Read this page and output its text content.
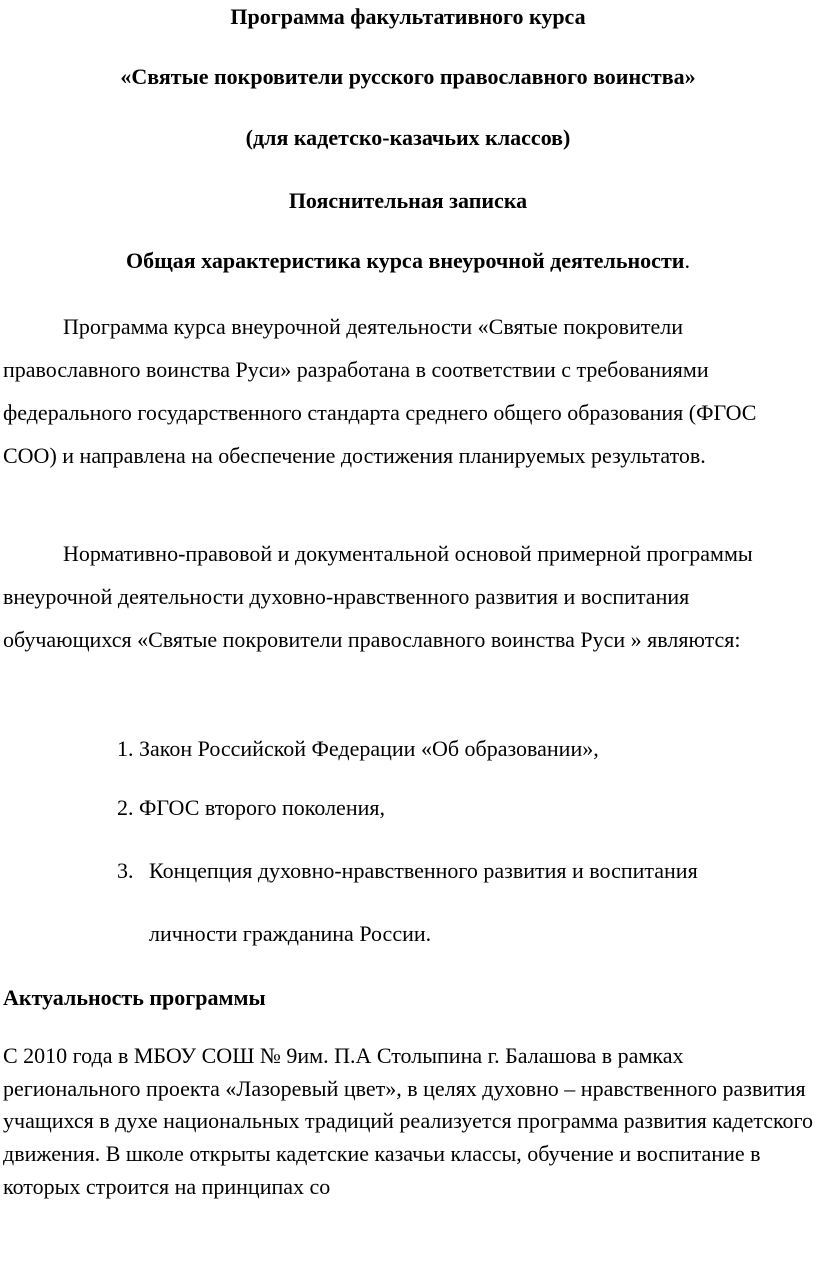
Программа факультативного курса
«Святые покровители русского православного воинства»
(для кадетско-казачьих классов)
Пояснительная записка
Общая характеристика курса внеурочной деятельности.

Программа курса внеурочной деятельности «Святые покровители православного воинства Руси» разработана в соответствии с требованиями федерального государственного стандарта среднего общего образования (ФГОС СОО) и направлена на обеспечение достижения планируемых результатов.

Нормативно-правовой и документальной основой примерной программы внеурочной деятельности духовно-нравственного развития и воспитания обучающихся «Святые покровители православного воинства Руси » являются:

1. Закон Российской Федерации «Об образовании»,
2. ФГОС второго поколения,
3. Концепция духовно-нравственного развития и воспитания
личности гражданина России.
Актуальность программы

С 2010 года в МБОУ СОШ № 9им. П.А Столыпина г. Балашова в рамках регионального проекта «Лазоревый цвет», в целях духовно – нравственного развития учащихся в духе национальных традиций реализуется программа развития кадетского движения. В школе открыты кадетские казачьи классы, обучение и воспитание в которых строится на принципах со
